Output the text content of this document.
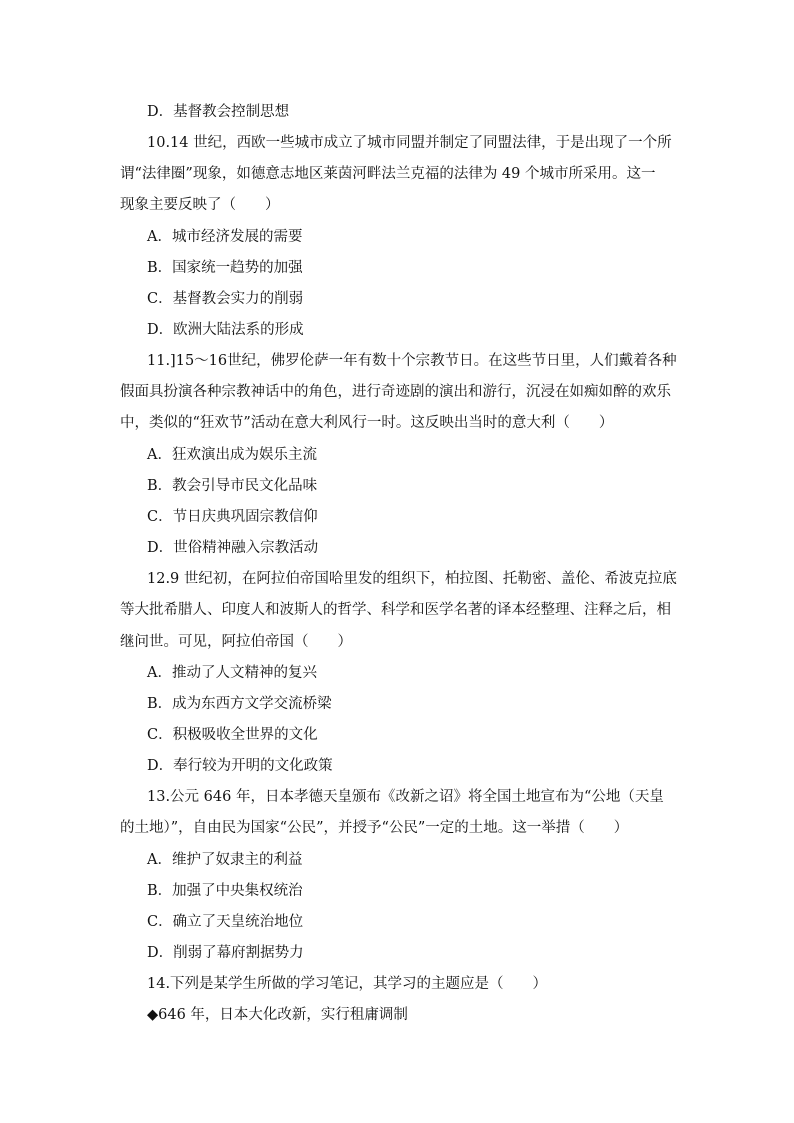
D．基督教会控制思想
10.14 世纪，西欧一些城市成立了城市同盟并制定了同盟法律，于是出现了一个所
谓“法律圈”现象，如德意志地区莱茵河畔法兰克福的法律为 49 个城市所采用。这一
现象主要反映了（　　）
A．城市经济发展的需要
B．国家统一趋势的加强
C．基督教会实力的削弱
D．欧洲大陆法系的形成
11.]15～16世纪，佛罗伦萨一年有数十个宗教节日。在这些节日里，人们戴着各种
假面具扮演各种宗教神话中的角色，进行奇迹剧的演出和游行，沉浸在如痴如醉的欢乐
中，类似的“狂欢节”活动在意大利风行一时。这反映出当时的意大利（　　）
A．狂欢演出成为娱乐主流
B．教会引导市民文化品味
C．节日庆典巩固宗教信仰
D．世俗精神融入宗教活动
12.9 世纪初，在阿拉伯帝国哈里发的组织下，柏拉图、托勒密、盖伦、希波克拉底
等大批希腊人、印度人和波斯人的哲学、科学和医学名著的译本经整理、注释之后，相
继问世。可见，阿拉伯帝国（　　）
A．推动了人文精神的复兴
B．成为东西方文学交流桥梁
C．积极吸收全世界的文化
D．奉行较为开明的文化政策
13.公元 646 年，日本孝德天皇颁布《改新之诏》将全国土地宣布为“公地（天皇
的土地）”，自由民为国家“公民”，并授予“公民”一定的土地。这一举措（　　）
A．维护了奴隶主的利益
B．加强了中央集权统治
C．确立了天皇统治地位
D．削弱了幕府割据势力
14.下列是某学生所做的学习笔记，其学习的主题应是（　　）
◆646 年，日本大化改新，实行租庸调制
